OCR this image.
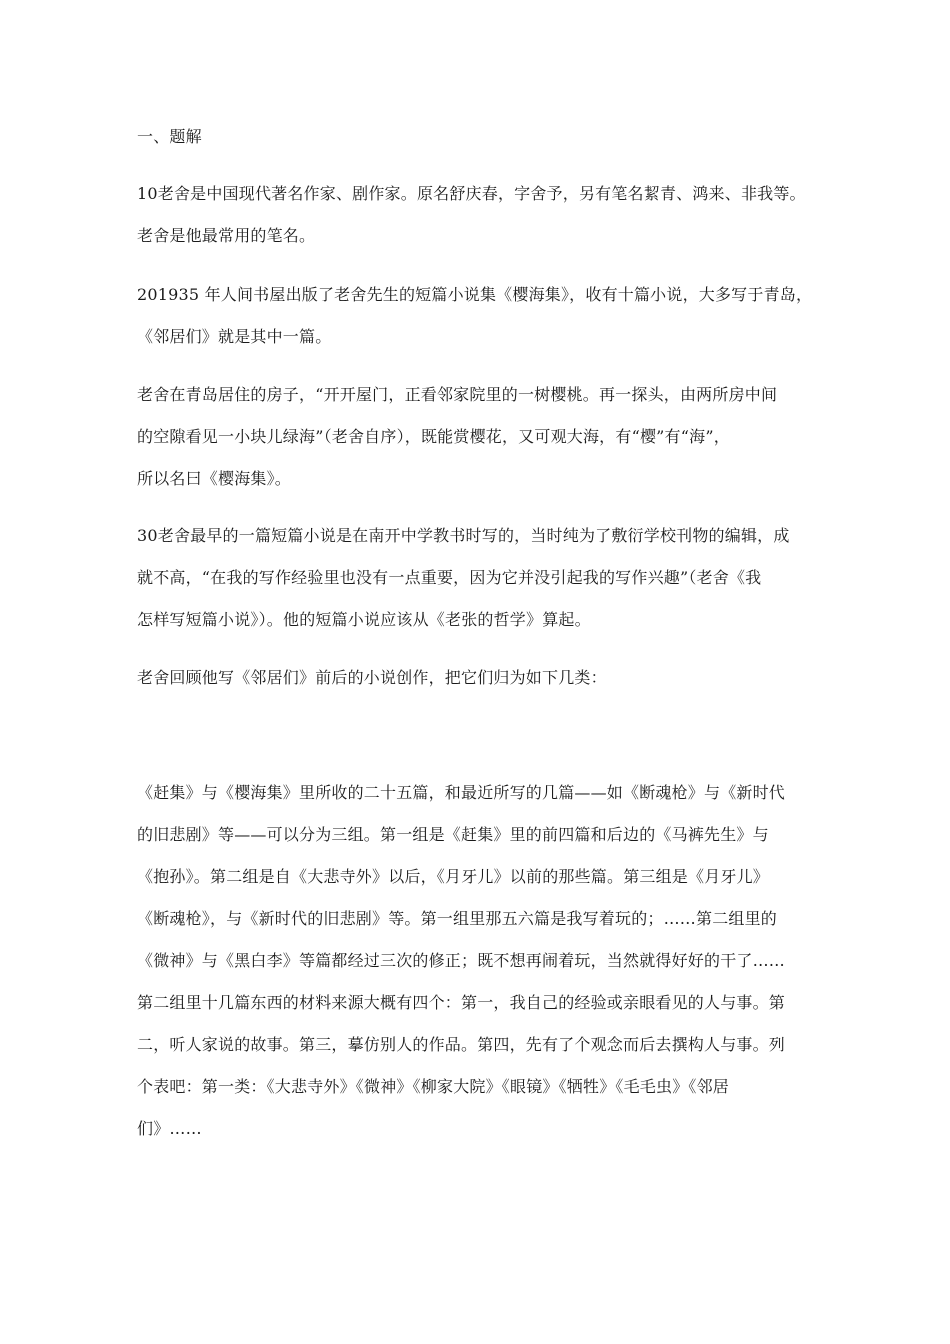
一、题解
10老舍是中国现代著名作家、剧作家。原名舒庆春，字舍予，另有笔名絜青、鸿来、非我等。
老舍是他最常用的笔名。
201935 年人间书屋出版了老舍先生的短篇小说集《樱海集》，收有十篇小说，大多写于青岛，
《邻居们》就是其中一篇。
老舍在青岛居住的房子，“开开屋门，正看邻家院里的一树樱桃。再一探头，由两所房中间
的空隙看见一小块儿绿海”（老舍自序），既能赏樱花，又可观大海，有“樱”有“海”，
所以名曰《樱海集》。
30老舍最早的一篇短篇小说是在南开中学教书时写的，当时纯为了敷衍学校刊物的编辑，成
就不高，“在我的写作经验里也没有一点重要，因为它并没引起我的写作兴趣”（老舍《我
怎样写短篇小说》）。他的短篇小说应该从《老张的哲学》算起。
老舍回顾他写《邻居们》前后的小说创作，把它们归为如下几类：
《赶集》与《樱海集》里所收的二十五篇，和最近所写的几篇——如《断魂枪》与《新时代
的旧悲剧》等——可以分为三组。第一组是《赶集》里的前四篇和后边的《马裤先生》与
《抱孙》。第二组是自《大悲寺外》以后，《月牙儿》以前的那些篇。第三组是《月牙儿》
《断魂枪》，与《新时代的旧悲剧》等。第一组里那五六篇是我写着玩的；……第二组里的
《微神》与《黑白李》等篇都经过三次的修正；既不想再闹着玩，当然就得好好的干了……
第二组里十几篇东西的材料来源大概有四个：第一，我自己的经验或亲眼看见的人与事。第
二，听人家说的故事。第三，摹仿别人的作品。第四，先有了个观念而后去撰构人与事。列
个表吧：第一类：《大悲寺外》《微神》《柳家大院》《眼镜》《牺牲》《毛毛虫》《邻居
们》……
